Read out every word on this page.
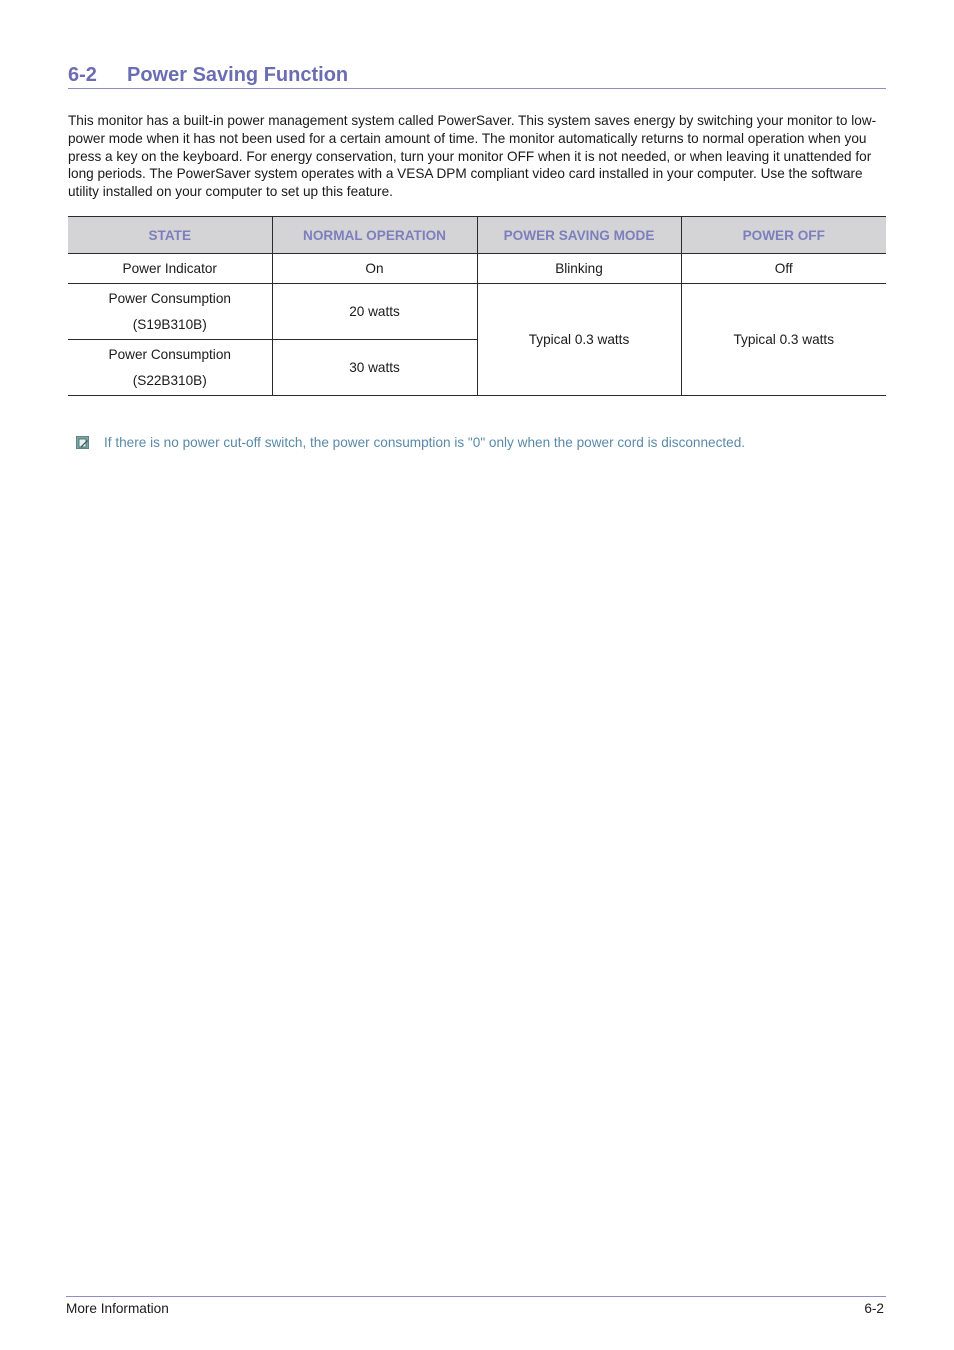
6-2 Power Saving Function

This monitor has a built-in power management system called PowerSaver. This system saves energy by switching your monitor to low-power mode when it has not been used for a certain amount of time. The monitor automatically returns to normal operation when you press a key on the keyboard. For energy conservation, turn your monitor OFF when it is not needed, or when leaving it unattended for long periods. The PowerSaver system operates with a VESA DPM compliant video card installed in your computer. Use the software utility installed on your computer to set up this feature.

STATE	NORMAL OPERATION	POWER SAVING MODE	POWER OFF
Power Indicator	On	Blinking	Off
Power Consumption
(S19B310B)	20 watts	Typical 0.3 watts	Typical 0.3 watts
Power Consumption
(S22B310B)	30 watts		
If there is no power cut-off switch, the power consumption is "0" only when the power cord is disconnected.
More Information	6-2
